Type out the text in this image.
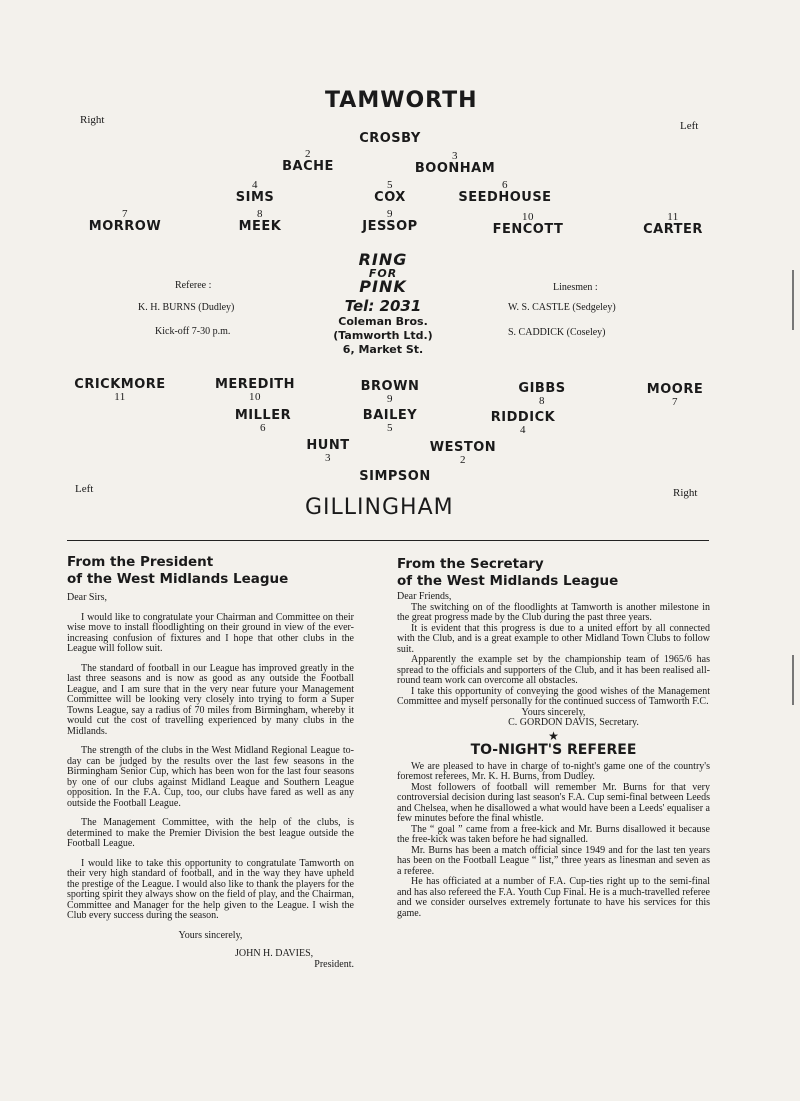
TAMWORTH
Right	Left
CROSBY
2
BACHE
3
BOONHAM
4
SIMS
5
COX
6
SEEDHOUSE
7
MORROW
8
MEEK
9
JESSOP
10
FENCOTT
11
CARTER
Referee :
K. H. BURNS (Dudley)
Kick-off 7-30 p.m.
Linesmen :
W. S. CASTLE (Sedgeley)
S. CADDICK (Coseley)
RING
FOR
PINK
Tel: 2031
Coleman Bros.
(Tamworth Ltd.)
6, Market St.
CRICKMORE
11
MEREDITH
10
BROWN
9
GIBBS
8
MOORE
7
MILLER
6
BAILEY
5
RIDDICK
4
HUNT
3
WESTON
2
SIMPSON
Left	Right
GILLINGHAM
From the President
of the West Midlands League

Dear Sirs,

I would like to congratulate your Chairman and Committee on their wise move to install floodlighting on their ground in view of the ever-increasing confusion of fixtures and I hope that other clubs in the League will follow suit.

The standard of football in our League has improved greatly in the last three seasons and is now as good as any outside the Football League, and I am sure that in the very near future your Management Committee will be looking very closely into trying to form a Super Towns League, say a radius of 70 miles from Birmingham, whereby it would cut the cost of travelling experienced by many clubs in the Midlands.

The strength of the clubs in the West Midland Regional League to-day can be judged by the results over the last few seasons in the Birmingham Senior Cup, which has been won for the last four seasons by one of our clubs against Midland League and Southern League opposition. In the F.A. Cup, too, our clubs have fared as well as any outside the Football League.

The Management Committee, with the help of the clubs, is determined to make the Premier Division the best league outside the Football League.

I would like to take this opportunity to congratulate Tamworth on their very high standard of football, and in the way they have upheld the prestige of the League. I would also like to thank the players for the sporting spirit they always show on the field of play, and the Chairman, Committee and Manager for the help given to the League. I wish the Club every success during the season.

Yours sincerely,

JOHN H. DAVIES,

President.

From the Secretary
of the West Midlands League

Dear Friends,

The switching on of the floodlights at Tamworth is another milestone in the great progress made by the Club during the past three years.

It is evident that this progress is due to a united effort by all connected with the Club, and is a great example to other Midland Town Clubs to follow suit.

Apparently the example set by the championship team of 1965/6 has spread to the officials and supporters of the Club, and it has been realised all-round team work can overcome all obstacles.

I take this opportunity of conveying the good wishes of the Management Committee and myself personally for the continued success of Tamworth F.C.

Yours sincerely,

C. GORDON DAVIS, Secretary.

★
TO-NIGHT'S REFEREE

We are pleased to have in charge of to-night's game one of the country's foremost referees, Mr. K. H. Burns, from Dudley.

Most followers of football will remember Mr. Burns for that very controversial decision during last season's F.A. Cup semi-final between Leeds and Chelsea, when he disallowed a what would have been a Leeds' equaliser a few minutes before the final whistle.

The “ goal ” came from a free-kick and Mr. Burns disallowed it because the free-kick was taken before he had signalled.

Mr. Burns has been a match official since 1949 and for the last ten years has been on the Football League “ list,” three years as linesman and seven as a referee.

He has officiated at a number of F.A. Cup-ties right up to the semi-final and has also refereed the F.A. Youth Cup Final. He is a much-travelled referee and we consider ourselves extremely fortunate to have his services for this game.
